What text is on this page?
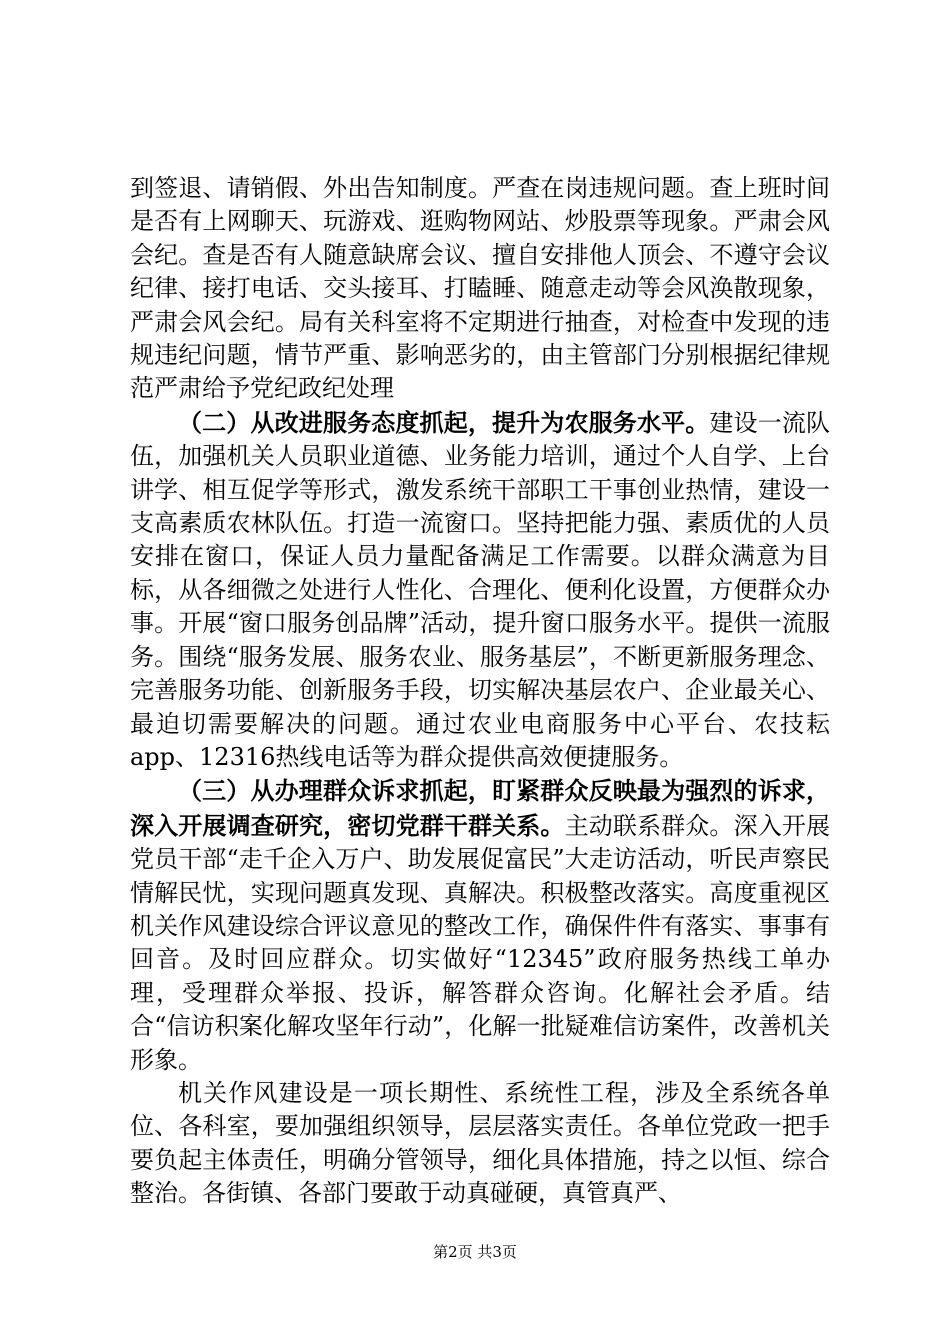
到签退、请销假、外出告知制度。严查在岗违规问题。查上班时间是否有上网聊天、玩游戏、逛购物网站、炒股票等现象。严肃会风会纪。查是否有人随意缺席会议、擅自安排他人顶会、不遵守会议纪律、接打电话、交头接耳、打瞌睡、随意走动等会风涣散现象，严肃会风会纪。局有关科室将不定期进行抽查，对检查中发现的违规违纪问题，情节严重、影响恶劣的，由主管部门分别根据纪律规范严肃给予党纪政纪处理

（二）从改进服务态度抓起，提升为农服务水平。建设一流队伍，加强机关人员职业道德、业务能力培训，通过个人自学、上台讲学、相互促学等形式，激发系统干部职工干事创业热情，建设一支高素质农林队伍。打造一流窗口。坚持把能力强、素质优的人员安排在窗口，保证人员力量配备满足工作需要。以群众满意为目标，从各细微之处进行人性化、合理化、便利化设置，方便群众办事。开展“窗口服务创品牌”活动，提升窗口服务水平。提供一流服务。围绕“服务发展、服务农业、服务基层”，不断更新服务理念、完善服务功能、创新服务手段，切实解决基层农户、企业最关心、最迫切需要解决的问题。通过农业电商服务中心平台、农技耘app、12316热线电话等为群众提供高效便捷服务。

（三）从办理群众诉求抓起，盯紧群众反映最为强烈的诉求，深入开展调查研究，密切党群干群关系。主动联系群众。深入开展党员干部“走千企入万户、助发展促富民”大走访活动，听民声察民情解民忧，实现问题真发现、真解决。积极整改落实。高度重视区机关作风建设综合评议意见的整改工作，确保件件有落实、事事有回音。及时回应群众。切实做好“12345”政府服务热线工单办理，受理群众举报、投诉，解答群众咨询。化解社会矛盾。结合“信访积案化解攻坚年行动”，化解一批疑难信访案件，改善机关形象。

机关作风建设是一项长期性、系统性工程，涉及全系统各单位、各科室，要加强组织领导，层层落实责任。各单位党政一把手要负起主体责任，明确分管领导，细化具体措施，持之以恒、综合整治。各街镇、各部门要敢于动真碰硬，真管真严、

第2页 共3页
